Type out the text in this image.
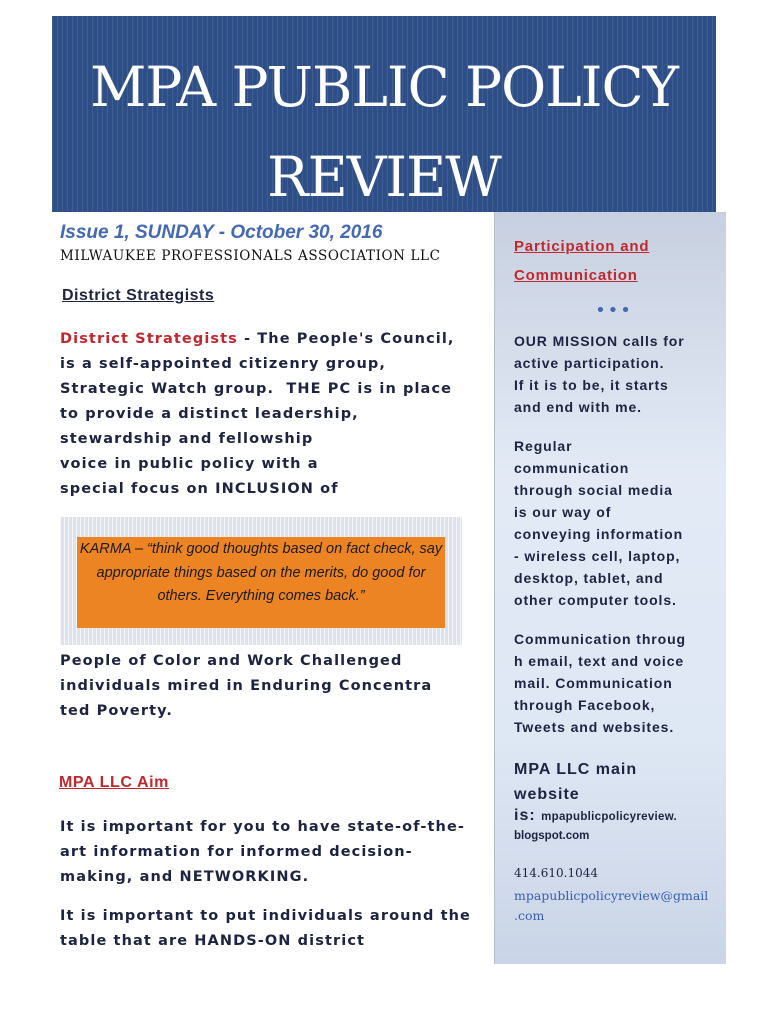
MPA PUBLIC POLICY
REVIEW
Issue 1, SUNDAY - October 30, 2016
MILWAUKEE PROFESSIONALS ASSOCIATION LLC
District Strategists
District Strategists - The People's Council,
is a self-appointed citizenry group,
Strategic Watch group.  THE PC is in place
to provide a distinct leadership,
stewardship and fellowship
voice in public policy with a
special focus on INCLUSION of
KARMA – “think good thoughts based on fact check, say appropriate things based on the merits, do good for others. Everything comes back.”
People of Color and Work Challenged
individuals mired in Enduring Concentra
ted Poverty.
MPA LLC Aim
It is important for you to have state-of-the-
art information for informed decision-
making, and NETWORKING.
It is important to put individuals around the
table that are HANDS-ON district
Participation and
Communication
•••
OUR MISSION calls for
active participation.
If it is to be, it starts
and end with me.
Regular
communication
through social media
is our way of
conveying information
- wireless cell, laptop,
desktop, tablet, and
other computer tools.
Communication throug
h email, text and voice
mail. Communication
through Facebook,
Tweets and websites.
MPA LLC main
website
is: mpapublicpolicyreview.
blogspot.com
414.610.1044
mpapublicpolicyreview@gmail
.com
